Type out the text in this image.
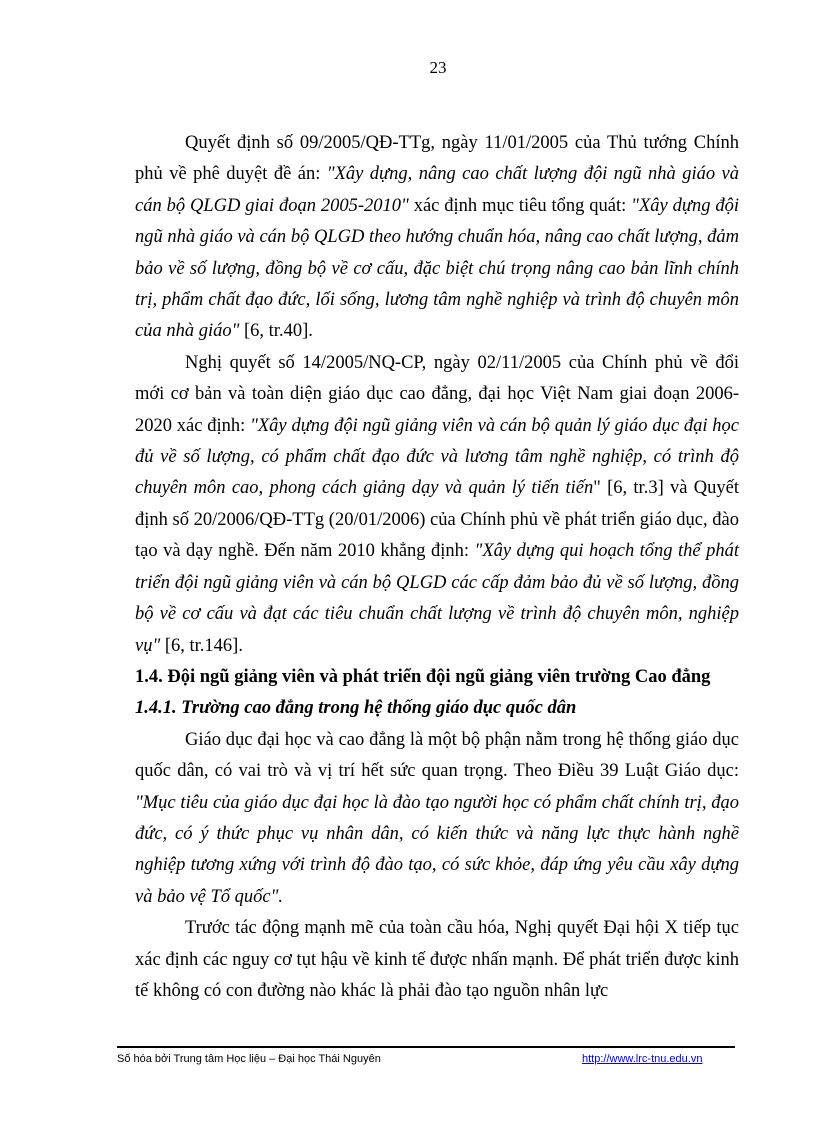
23

Quyết định số 09/2005/QĐ-TTg, ngày 11/01/2005 của Thủ tướng Chính phủ về phê duyệt đề án: "Xây dựng, nâng cao chất lượng đội ngũ nhà giáo và cán bộ QLGD giai đoạn 2005-2010" xác định mục tiêu tổng quát: "Xây dựng đội ngũ nhà giáo và cán bộ QLGD theo hướng chuẩn hóa, nâng cao chất lượng, đảm bảo về số lượng, đồng bộ về cơ cấu, đặc biệt chú trọng nâng cao bản lĩnh chính trị, phẩm chất đạo đức, lối sống, lương tâm nghề nghiệp và trình độ chuyên môn của nhà giáo" [6, tr.40].

Nghị quyết số 14/2005/NQ-CP, ngày 02/11/2005 của Chính phủ về đổi mới cơ bản và toàn diện giáo dục cao đẳng, đại học Việt Nam giai đoạn 2006-2020 xác định: "Xây dựng đội ngũ giảng viên và cán bộ quản lý giáo dục đại học đủ về số lượng, có phẩm chất đạo đức và lương tâm nghề nghiệp, có trình độ chuyên môn cao, phong cách giảng dạy và quản lý tiến tiến" [6, tr.3] và Quyết định số 20/2006/QĐ-TTg (20/01/2006) của Chính phủ về phát triển giáo dục, đào tạo và dạy nghề. Đến năm 2010 khẳng định: "Xây dựng qui hoạch tổng thể phát triển đội ngũ giảng viên và cán bộ QLGD các cấp đảm bảo đủ về số lượng, đồng bộ về cơ cấu và đạt các tiêu chuẩn chất lượng về trình độ chuyên môn, nghiệp vụ" [6, tr.146].

1.4. Đội ngũ giảng viên và phát triển đội ngũ giảng viên trường Cao đẳng
1.4.1. Trường cao đẳng trong hệ thống giáo dục quốc dân

Giáo dục đại học và cao đẳng là một bộ phận nằm trong hệ thống giáo dục quốc dân, có vai trò và vị trí hết sức quan trọng. Theo Điều 39 Luật Giáo dục: "Mục tiêu của giáo dục đại học là đào tạo người học có phẩm chất chính trị, đạo đức, có ý thức phục vụ nhân dân, có kiến thức và năng lực thực hành nghề nghiệp tương xứng với trình độ đào tạo, có sức khỏe, đáp ứng yêu cầu xây dựng và bảo vệ Tổ quốc".

Trước tác động mạnh mẽ của toàn cầu hóa, Nghị quyết Đại hội X tiếp tục xác định các nguy cơ tụt hậu về kinh tế được nhấn mạnh. Để phát triển được kinh tế không có con đường nào khác là phải đào tạo nguồn nhân lực

Số hóa bởi Trung tâm Học liệu – Đại học Thái Nguyên	http://www.lrc-tnu.edu.vn
